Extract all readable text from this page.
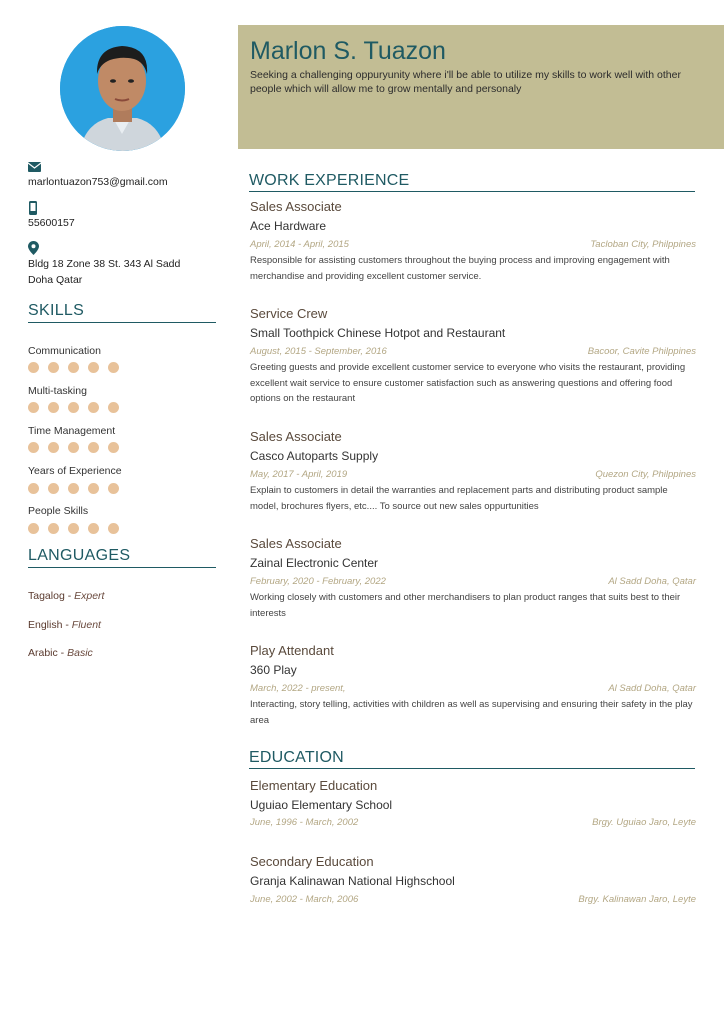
Marlon S. Tuazon
Seeking a challenging oppuryunity where i'll be able to utilize my skills to work well with other people which will allow me to grow mentally and personaly
marlontuazon753@gmail.com
55600157
Bldg 18 Zone 38 St. 343 Al Sadd Doha Qatar
SKILLS
Communication
Multi-tasking
Time Management
Years of Experience
People Skills
LANGUAGES
Tagalog - Expert
English - Fluent
Arabic - Basic
WORK EXPERIENCE
Sales Associate
Ace Hardware
April, 2014 - April, 2015	Tacloban City, Philppines
Responsible for assisting customers throughout the buying process and improving engagement with merchandise and providing excellent customer service.
Service Crew
Small Toothpick Chinese Hotpot and Restaurant
August, 2015 - September, 2016	Bacoor, Cavite Philppines
Greeting guests and provide excellent customer service to everyone who visits the restaurant, providing excellent wait service to ensure customer satisfaction such as answering questions and offering food options on the restaurant
Sales Associate
Casco Autoparts Supply
May, 2017 - April, 2019	Quezon City, Philppines
Explain to customers in detail the warranties and replacement parts and distributing product sample model, brochures flyers, etc.... To source out new sales oppurtunities
Sales Associate
Zainal Electronic Center
February, 2020 - February, 2022	Al Sadd Doha, Qatar
Working closely with customers and other merchandisers to plan product ranges that suits best to their interests
Play Attendant
360 Play
March, 2022 - present,	Al Sadd Doha, Qatar
Interacting, story telling, activities with children as well as supervising and ensuring their safety in the play area
EDUCATION
Elementary Education
Uguiao Elementary School
June, 1996 - March, 2002	Brgy. Uguiao Jaro, Leyte
Secondary Education
Granja Kalinawan National Highschool
June, 2002 - March, 2006	Brgy. Kalinawan Jaro, Leyte
